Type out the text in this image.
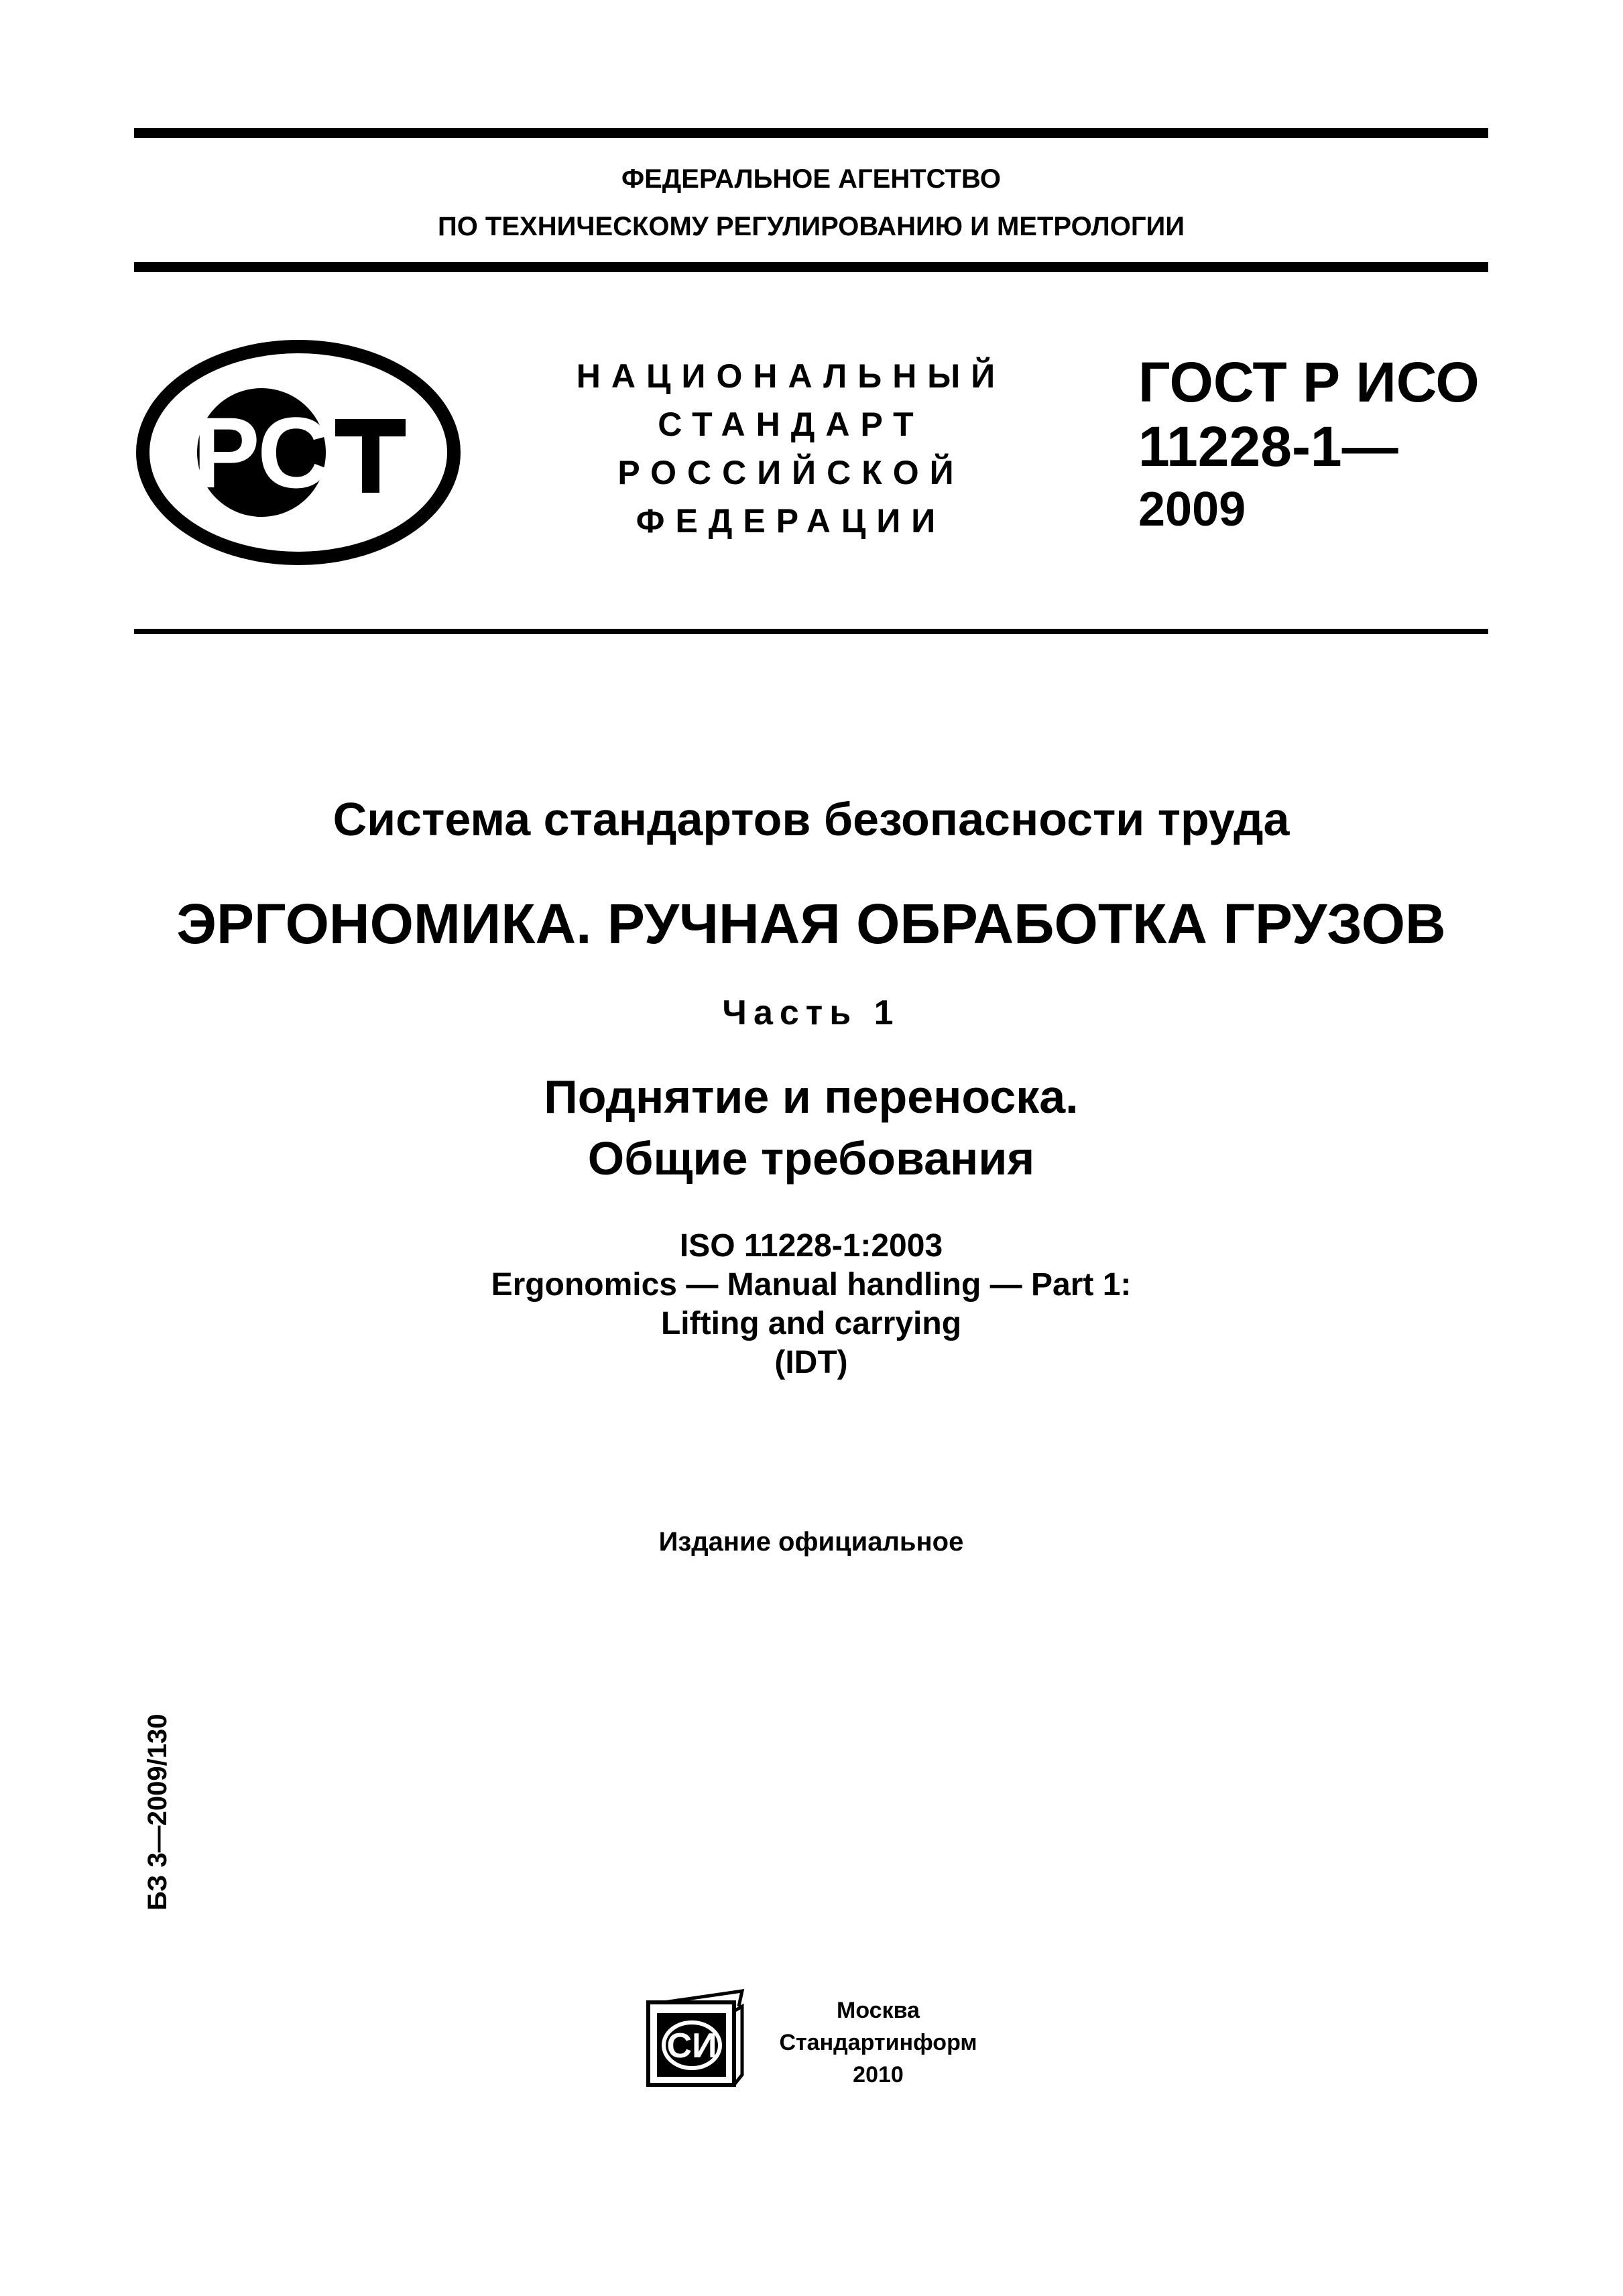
ФЕДЕРАЛЬНОЕ АГЕНТСТВО
ПО ТЕХНИЧЕСКОМУ РЕГУЛИРОВАНИЮ И МЕТРОЛОГИИ
РС
НАЦИОНАЛЬНЫЙ
СТАНДАРТ
РОССИЙСКОЙ
ФЕДЕРАЦИИ
ГОСТ Р ИСО
11228-1—
2009
Система стандартов безопасности труда
ЭРГОНОМИКА. РУЧНАЯ ОБРАБОТКА ГРУЗОВ
Часть 1
Поднятие и переноска.
Общие требования
ISO 11228-1:2003
Ergonomics — Manual handling — Part 1:
Lifting and carrying
(IDT)
Издание официальное
БЗ 3—2009/130
СИ
Москва
Стандартинформ
2010
